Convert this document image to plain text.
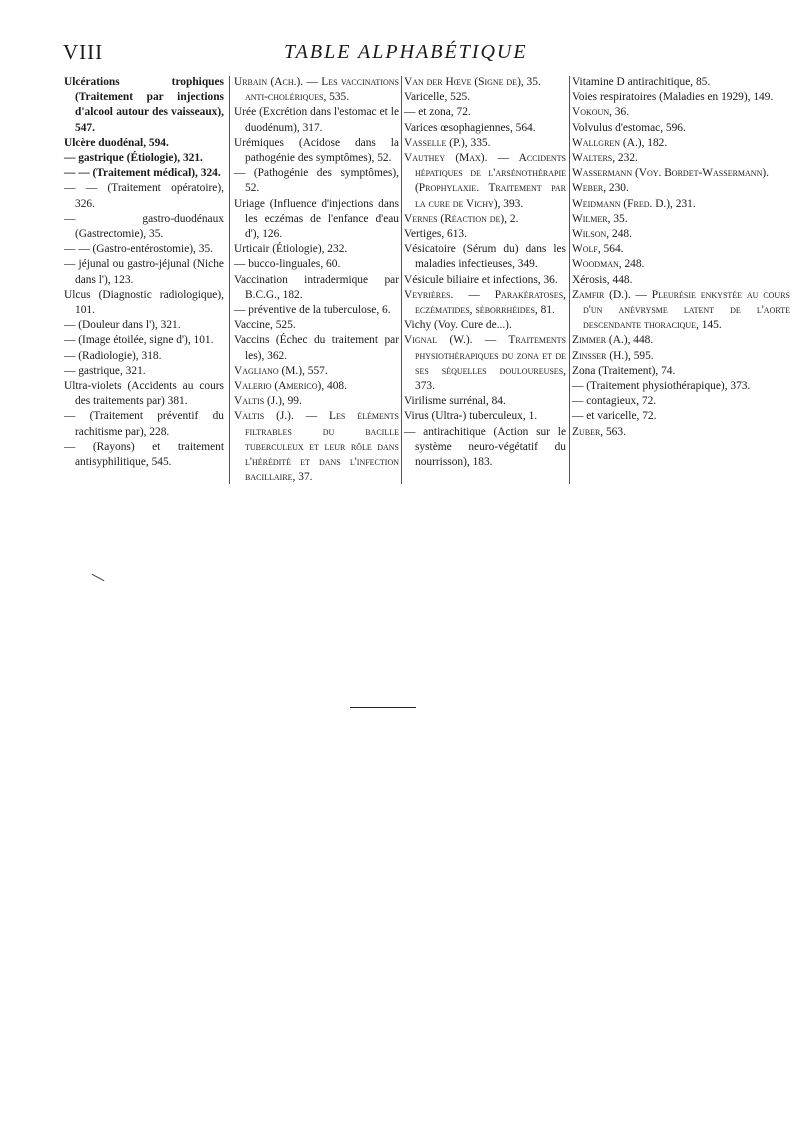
VIII	TABLE ALPHABÉTIQUE

Ulcérations trophiques (Traitement par injections d'alcool autour des vaisseaux), 547.

Ulcère duodénal, 594.

— gastrique (Étiologie), 321.

— — (Traitement médical), 324.

— — (Traitement opératoire), 326.

— gastro-duodénaux (Gastrectomie), 35.

— — (Gastro-entérostomie), 35.

— jéjunal ou gastro-jéjunal (Niche dans l'), 123.

Ulcus (Diagnostic radiologique), 101.

— (Douleur dans l'), 321.

— (Image étoilée, signe d'), 101.

— (Radiologie), 318.

— gastrique, 321.

Ultra-violets (Accidents au cours des traitements par) 381.

— (Traitement préventif du rachitisme par), 228.

— (Rayons) et traitement antisyphilitique, 545.

Urbain (Ach.). — Les vaccinations anti-cholériques, 535.

Urée (Excrétion dans l'estomac et le duodénum), 317.

Urémiques (Acidose dans la pathogénie des symptômes), 52.

— (Pathogénie des symptômes), 52.

Uriage (Influence d'injections dans les eczémas de l'enfance d'eau d'), 126.

Urticair (Étiologie), 232.

— bucco-linguales, 60.

Vaccination intradermique par B.C.G., 182.

— préventive de la tuberculose, 6.

Vaccine, 525.

Vaccins (Échec du traitement par les), 362.

Vagliano (M.), 557.

Valerio (Americo), 408.

Valtis (J.), 99.

Valtis (J.). — Les éléments filtrables du bacille tuberculeux et leur rôle dans l'hérédité et dans l'infection bacillaire, 37.

Van der Hœve (Signe de), 35.

Varicelle, 525.

— et zona, 72.

Varices œsophagiennes, 564.

Vasselle (P.), 335.

Vauthey (Max). — Accidents hépatiques de l'arsénothérapie (Prophylaxie. Traitement par la cure de Vichy), 393.

Vernes (Réaction de), 2.

Vertiges, 613.

Vésicatoire (Sérum du) dans les maladies infectieuses, 349.

Vésicule biliaire et infections, 36.

Veyrières. — Parakératoses, eczématides, séborrhéides, 81.

Vichy (Voy. Cure de...).

Vignal (W.). — Traitements physiothérapiques du zona et de ses séquelles douloureuses, 373.

Virilisme surrénal, 84.

Virus (Ultra-) tuberculeux, 1.

— antirachitique (Action sur le système neuro-végétatif du nourrisson), 183.

Vitamine D antirachitique, 85.

Voies respiratoires (Maladies en 1929), 149.

Vokoun, 36.

Volvulus d'estomac, 596.

Wallgren (A.), 182.

Walters, 232.

Wassermann (Voy. Bordet-Wassermann).

Weber, 230.

Weidmann (Fred. D.), 231.

Wilmer, 35.

Wilson, 248.

Wolf, 564.

Woodman, 248.

Xérosis, 448.

Zamfir (D.). — Pleurésie enkystée au cours d'un anévrysme latent de l'aorte descendante thoracique, 145.

Zimmer (A.), 448.

Zinsser (H.), 595.

Zona (Traitement), 74.

— (Traitement physiothérapique), 373.

— contagieux, 72.

— et varicelle, 72.

Zuber, 563.
